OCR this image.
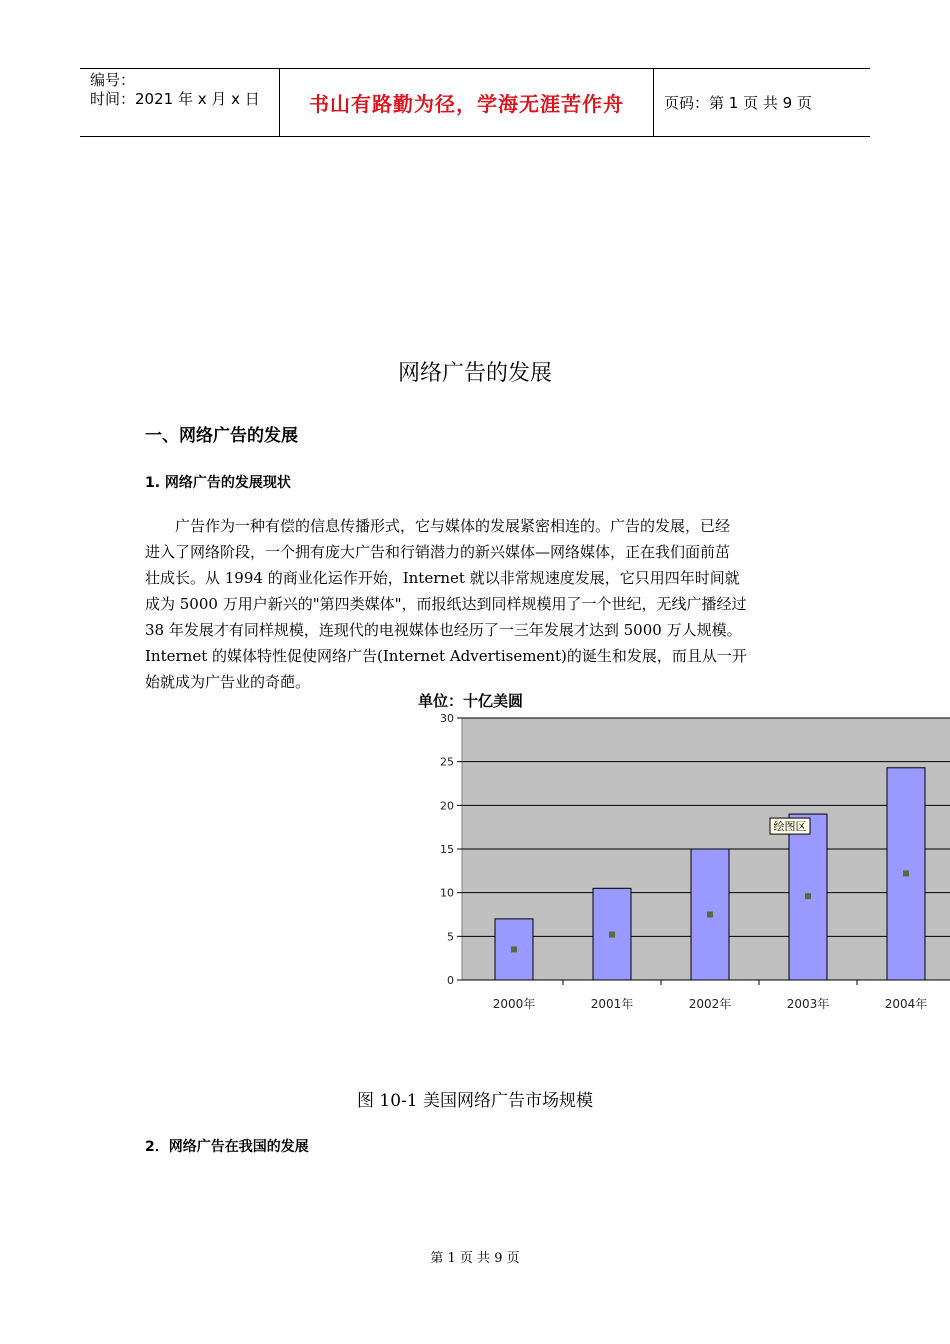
编号：
时间：2021 年 x 月 x 日	书山有路勤为径，学海无涯苦作舟	页码：第 1 页 共 9 页
网络广告的发展
一、网络广告的发展
1. 网络广告的发展现状
　　广告作为一种有偿的信息传播形式，它与媒体的发展紧密相连的。广告的发展，已经
进入了网络阶段，一个拥有庞大广告和行销潜力的新兴媒体—网络媒体，正在我们面前茁
壮成长。从 1994 的商业化运作开始，Internet 就以非常规速度发展，它只用四年时间就
成为 5000 万用户新兴的"第四类媒体"，而报纸达到同样规模用了一个世纪，无线广播经过
38 年发展才有同样规模，连现代的电视媒体也经历了一三年发展才达到 5000 万人规模。
Internet 的媒体特性促使网络广告(Internet Advertisement)的诞生和发展，而且从一开
始就成为广告业的奇葩。
单位：十亿美圆
0
5
10
15
20
25
30
2000年	2001年	2002年	2003年	2004年
绘图区
图 10-1 美国网络广告市场规模
2．网络广告在我国的发展
第 1 页 共 9 页
